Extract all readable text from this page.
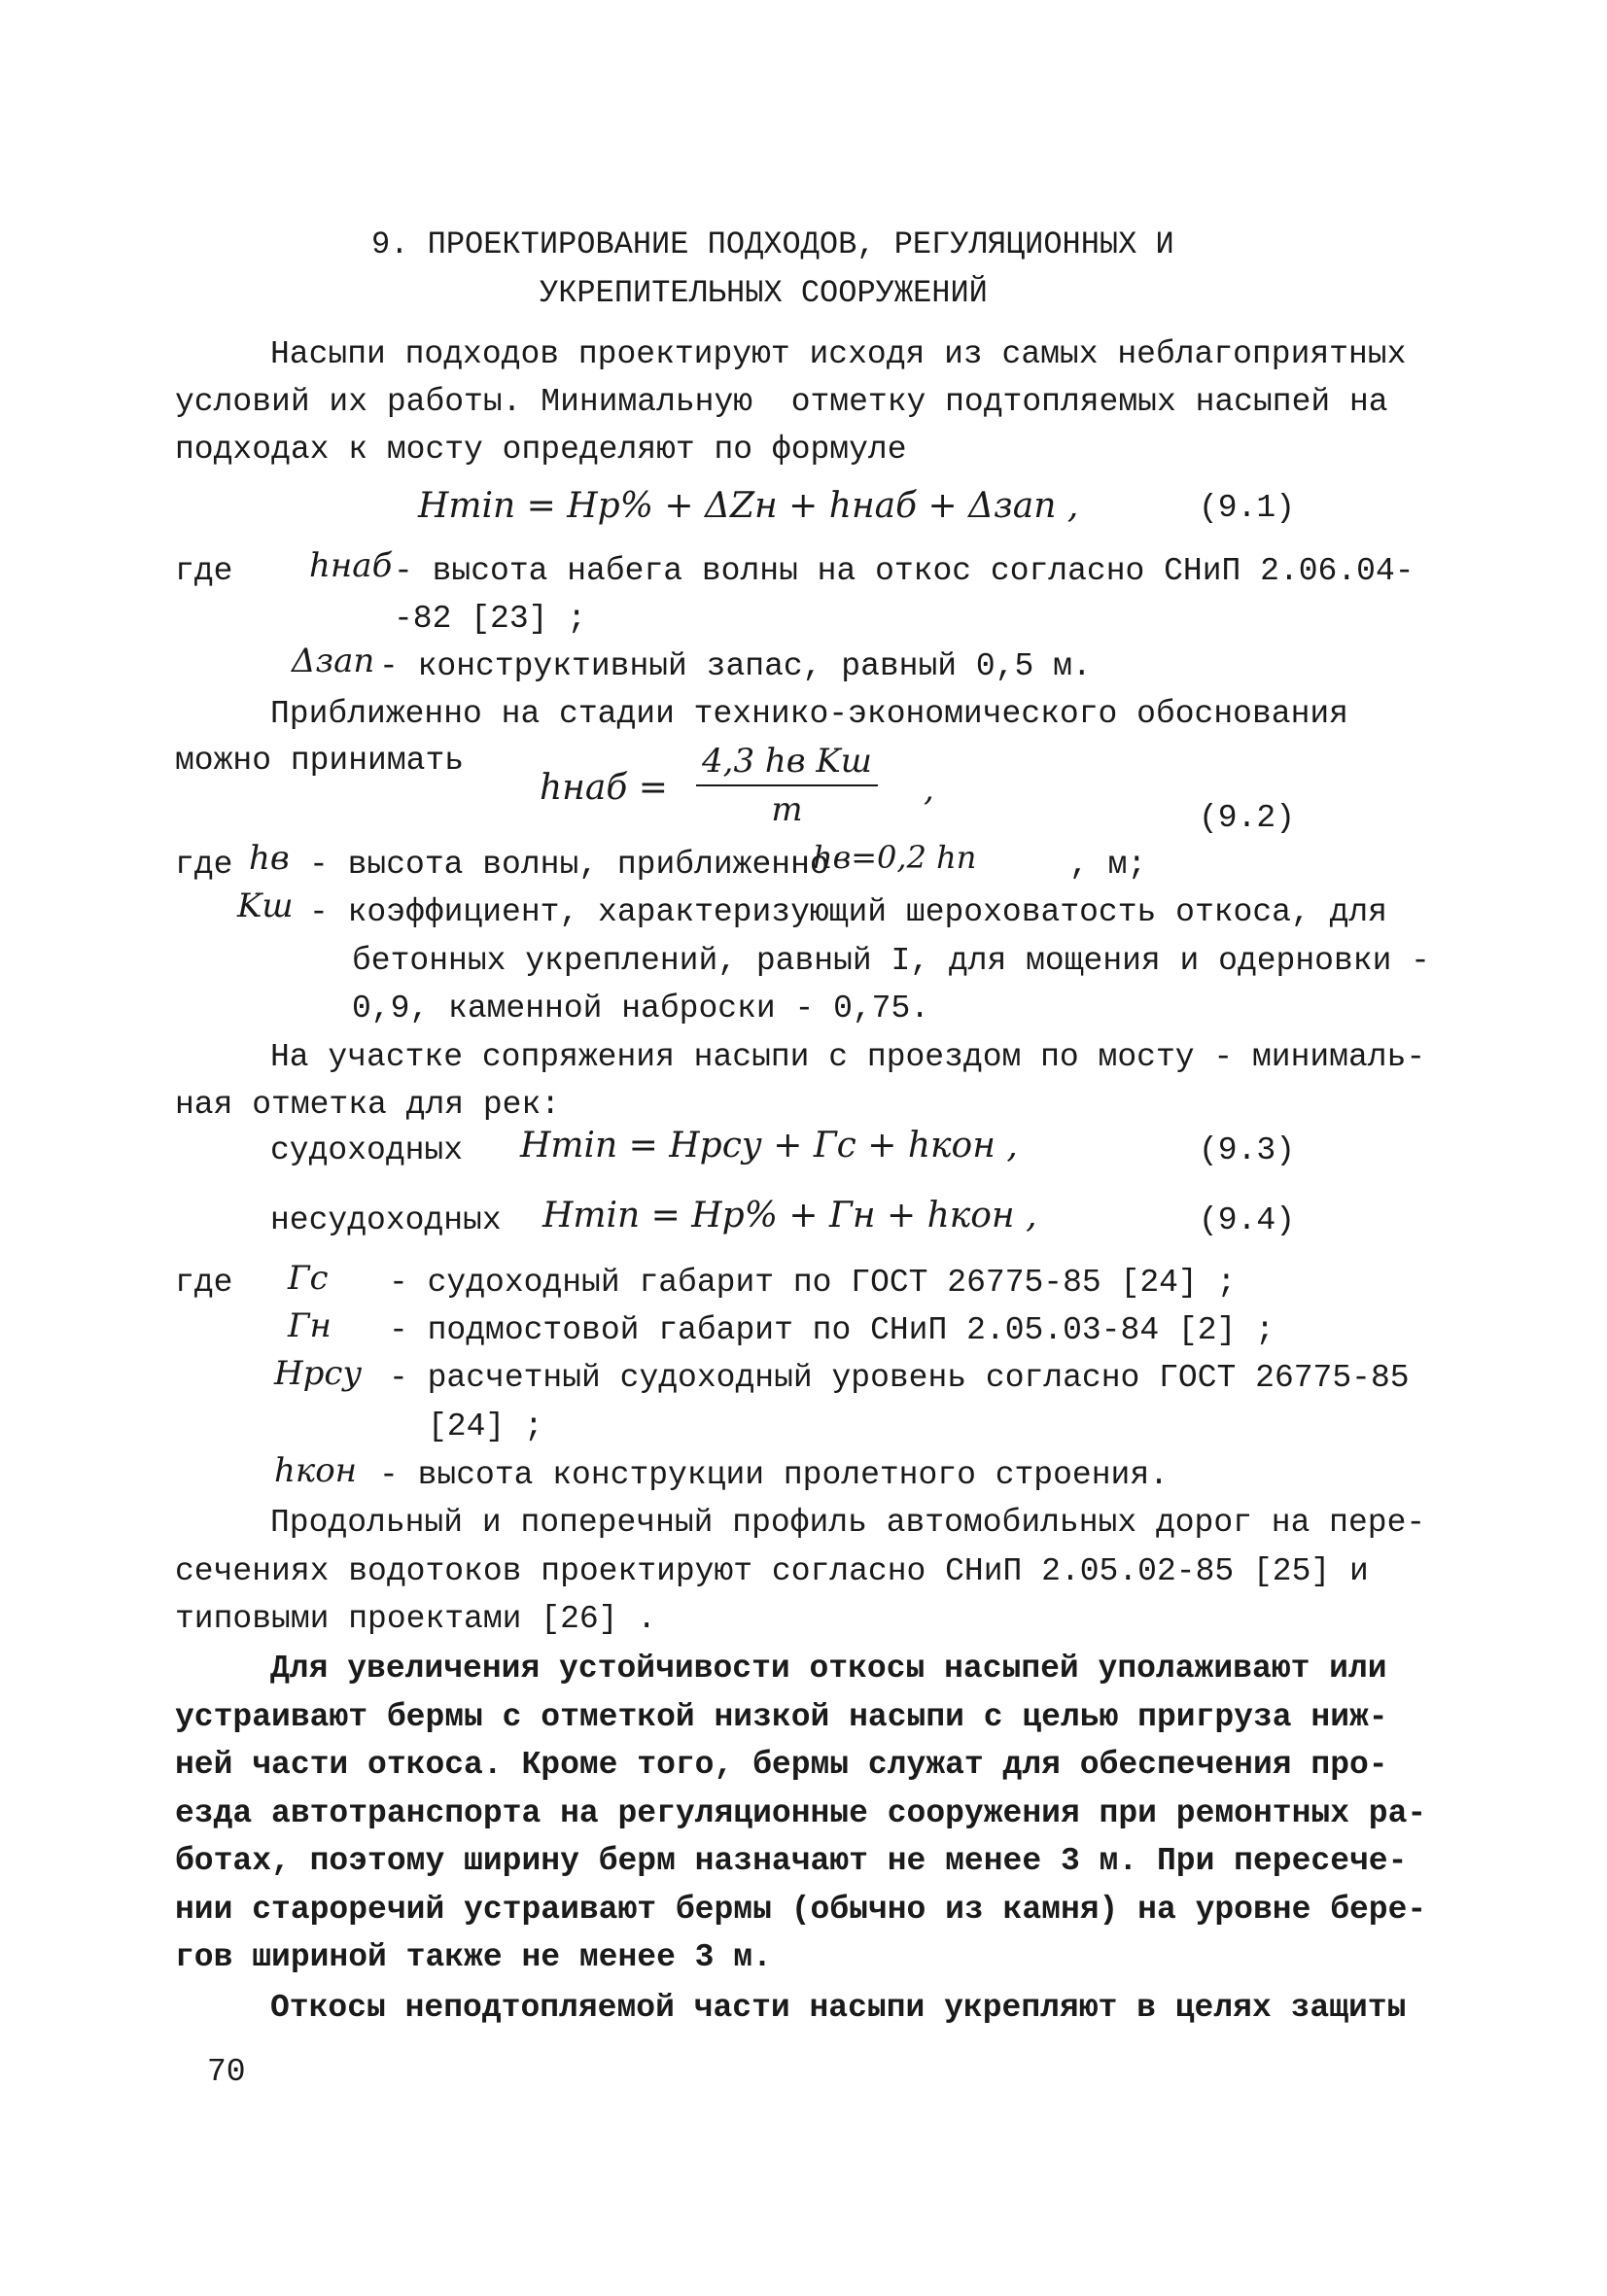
9. ПРОЕКТИРОВАНИЕ ПОДХОДОВ, РЕГУЛЯЦИОННЫХ И
УКРЕПИТЕЛЬНЫХ СООРУЖЕНИЙ
Насыпи подходов проектируют исходя из самых неблагоприятных
условий их работы. Минимальную  отметку подтопляемых насыпей на
подходах к мосту определяют по формуле
Hmin = Hp% + ΔZн + hнаб + Δзап ,	(9.1)
где hнаб - высота набега волны на откос согласно СНиП 2.06.04-
-82 [23] ;
Δзап - конструктивный запас, равный 0,5 м.
Приближенно на стадии технико-экономического обоснования
можно принимать
hнаб =
4,3 hв Kш
m
,
(9.2)
где hв - высота волны, приближенно
hв=0,2 hп	, м;
Kш - коэффициент, характеризующий шероховатость откоса, для
бетонных укреплений, равный I, для мощения и одерновки -
0,9, каменной наброски - 0,75.
На участке сопряжения насыпи с проездом по мосту - минималь-
ная отметка для рек:
судоходных Hmin = Hрсу + Гс + hкон ,	(9.3)
несудоходных Hmin = Hp% + Гн + hкон ,	(9.4)
где Гс - судоходный габарит по ГОСТ 26775-85 [24] ;
Гн - подмостовой габарит по СНиП 2.05.03-84 [2] ;
Hрсу - расчетный судоходный уровень согласно ГОСТ 26775-85
[24] ;
hкон - высота конструкции пролетного строения.
Продольный и поперечный профиль автомобильных дорог на пере-
сечениях водотоков проектируют согласно СНиП 2.05.02-85 [25] и
типовыми проектами [26] .
Для увеличения устойчивости откосы насыпей уполаживают или
устраивают бермы с отметкой низкой насыпи с целью пригруза ниж-
ней части откоса. Кроме того, бермы служат для обеспечения про-
езда автотранспорта на регуляционные сооружения при ремонтных ра-
ботах, поэтому ширину берм назначают не менее 3 м. При пересече-
нии староречий устраивают бермы (обычно из камня) на уровне бере-
гов шириной также не менее 3 м.
Откосы неподтопляемой части насыпи укрепляют в целях защиты
70
